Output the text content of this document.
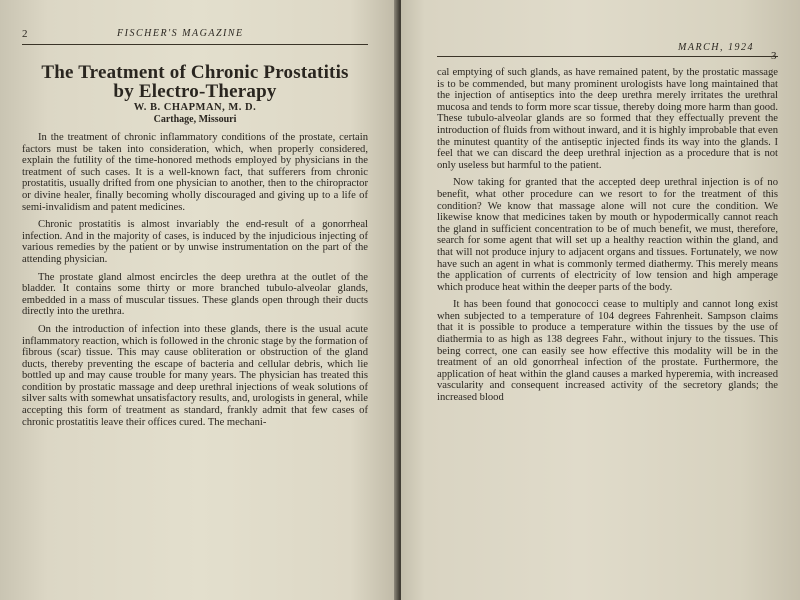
2	FISCHER'S MAGAZINE
The Treatment of Chronic Prostatitis
by Electro-Therapy
W. B. CHAPMAN, M. D.
Carthage, Missouri

In the treatment of chronic inflammatory conditions of the prostate, certain factors must be taken into consideration, which, when properly considered, explain the futility of the time-honored methods employed by physicians in the treatment of such cases. It is a well-known fact, that sufferers from chronic prostatitis, usually drifted from one physician to another, then to the chiropractor or divine healer, finally becoming wholly discouraged and giving up to a life of semi-invalidism and patent medicines.

Chronic prostatitis is almost invariably the end-result of a gonorrheal infection. And in the majority of cases, is induced by the injudicious injecting of various remedies by the patient or by unwise instrumentation on the part of the attending physician.

The prostate gland almost encircles the deep urethra at the outlet of the bladder. It contains some thirty or more branched tubulo-alveolar glands, embedded in a mass of muscular tissues. These glands open through their ducts directly into the urethra.

On the introduction of infection into these glands, there is the usual acute inflammatory reaction, which is followed in the chronic stage by the formation of fibrous (scar) tissue. This may cause obliteration or obstruction of the gland ducts, thereby preventing the escape of bacteria and cellular debris, which lie bottled up and may cause trouble for many years. The physician has treated this condition by prostatic massage and deep urethral injections of weak solutions of silver salts with somewhat unsatisfactory results, and, urologists in general, while accepting this form of treatment as standard, frankly admit that few cases of chronic prostatitis leave their offices cured. The mechani-

MARCH, 1924
3

cal emptying of such glands, as have remained patent, by the prostatic massage is to be commended, but many prominent urologists have long maintained that the injection of antiseptics into the deep urethra merely irritates the urethral mucosa and tends to form more scar tissue, thereby doing more harm than good. These tubulo-alveolar glands are so formed that they effectually prevent the introduction of fluids from without inward, and it is highly improbable that even the minutest quantity of the antiseptic injected finds its way into the glands. I feel that we can discard the deep urethral injection as a procedure that is not only useless but harmful to the patient.

Now taking for granted that the accepted deep urethral injection is of no benefit, what other procedure can we resort to for the treatment of this condition? We know that massage alone will not cure the condition. We likewise know that medicines taken by mouth or hypodermically cannot reach the gland in sufficient concentration to be of much benefit, we must, therefore, search for some agent that will set up a healthy reaction within the gland, and that will not produce injury to adjacent organs and tissues. Fortunately, we now have such an agent in what is commonly termed diathermy. This merely means the application of currents of electricity of low tension and high amperage which produce heat within the deeper parts of the body.

It has been found that gonococci cease to multiply and cannot long exist when subjected to a temperature of 104 degrees Fahrenheit. Sampson claims that it is possible to produce a temperature within the tissues by the use of diathermia to as high as 138 degrees Fahr., without injury to the tissues. This being correct, one can easily see how effective this modality will be in the treatment of an old gonorrheal infection of the prostate. Furthermore, the application of heat within the gland causes a marked hyperemia, with increased vascularity and consequent increased activity of the secretory glands; the increased blood
